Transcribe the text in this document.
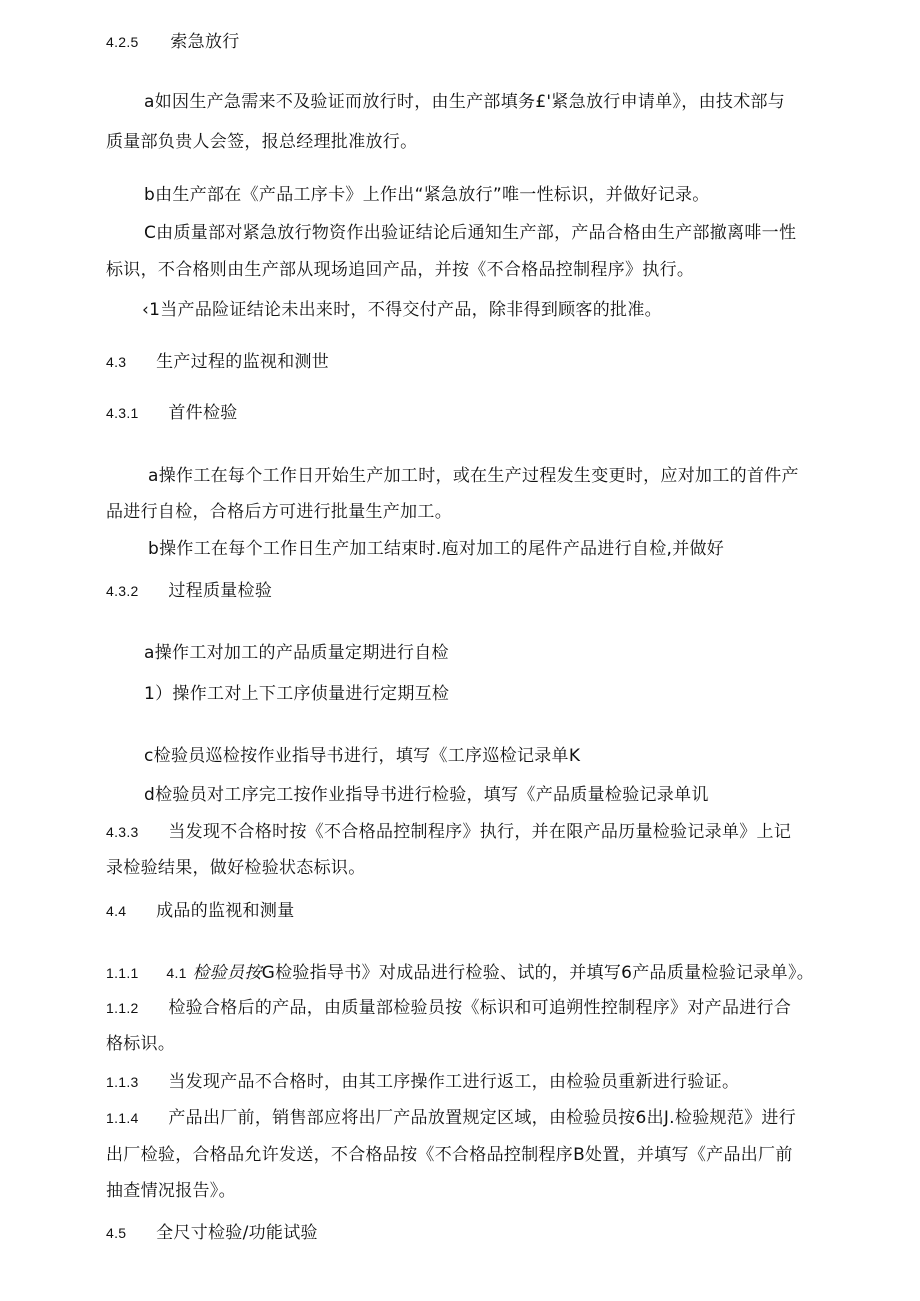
4.2.5 索急放行
a如因生产急需来不及验证而放行时，由生产部填务£'紧急放行申请单》，由技术部与
质量部负贵人会签，报总经理批准放行。
b由生产部在《产品工序卡》上作出“紧急放行”唯一性标识，并做好记录。
C由质量部对紧急放行物资作出验证结论后通知生产部，产品合格由生产部撤离啡一性
标识，不合格则由生产部从现场追回产品，并按《不合格品控制程序》执行。
‹1当产品险证结论未出来时，不得交付产品，除非得到顾客的批准。
4.3 生产过程的监视和测世
4.3.1 首件检验
a操作工在每个工作日开始生产加工时，或在生产过程发生变更时，应对加工的首件产
品进行自检，合格后方可进行批量生产加工。
b操作工在每个工作日生产加工结束时.庖对加工的尾件产品进行自检,并做好
4.3.2 过程质量检验
a操作工对加工的产品质量定期进行自检
1）操作工对上下工序侦量进行定期互检
c检验员巡检按作业指导书进行，填写《工序巡检记录单K
d检验员对工序完工按作业指导书进行检验，填写《产品质量检验记录单讥
4.3.3 当发现不合格时按《不合格品控制程序》执行，并在限产品历量检验记录单》上记
录检验结果，做好检验状态标识。
4.4 成品的监视和测量
1.1.1 4.1 检验员按G检验指导书》对成品进行检验、试的，并填写6产品质量检验记录单》。
1.1.2 检验合格后的产品，由质量部检验员按《标识和可追朔性控制程序》对产品进行合
格标识。
1.1.3 当发现产品不合格时，由其工序操作工进行返工，由检验员重新进行验证。
1.1.4 产品出厂前，销售部应将出厂产品放置规定区域，由检验员按6出J.检验规范》进行
出厂检验，合格品允许发送，不合格品按《不合格品控制程序B处置，并填写《产品出厂前
抽查情况报告》。
4.5 全尺寸检验/功能试验
